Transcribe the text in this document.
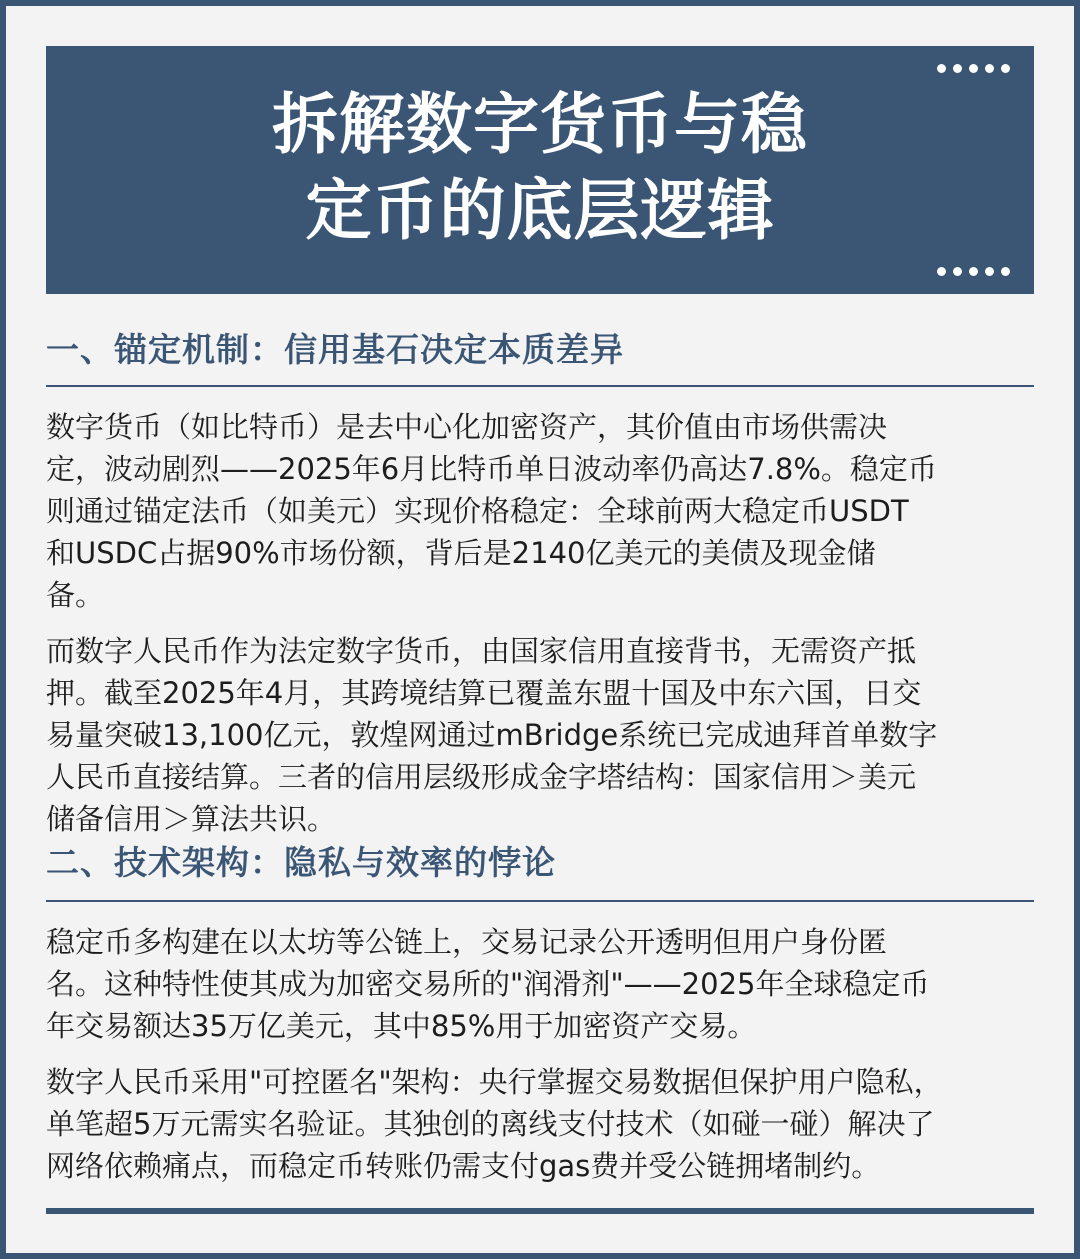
拆解数字货币与稳
定币的底层逻辑
一、锚定机制：信用基石决定本质差异
数字货币（如比特币）是去中心化加密资产，其价值由市场供需决
定，波动剧烈——2025年6月比特币单日波动率仍高达7.8%。稳定币
则通过锚定法币（如美元）实现价格稳定：全球前两大稳定币USDT
和USDC占据90%市场份额，背后是2140亿美元的美债及现金储
备。
而数字人民币作为法定数字货币，由国家信用直接背书，无需资产抵
押。截至2025年4月，其跨境结算已覆盖东盟十国及中东六国，日交
易量突破13,100亿元，敦煌网通过mBridge系统已完成迪拜首单数字
人民币直接结算。三者的信用层级形成金字塔结构：国家信用＞美元
储备信用＞算法共识。
二、技术架构：隐私与效率的悖论
稳定币多构建在以太坊等公链上，交易记录公开透明但用户身份匿
名。这种特性使其成为加密交易所的"润滑剂"——2025年全球稳定币
年交易额达35万亿美元，其中85%用于加密资产交易。
数字人民币采用"可控匿名"架构：央行掌握交易数据但保护用户隐私，
单笔超5万元需实名验证。其独创的离线支付技术（如碰一碰）解决了
网络依赖痛点，而稳定币转账仍需支付gas费并受公链拥堵制约。
